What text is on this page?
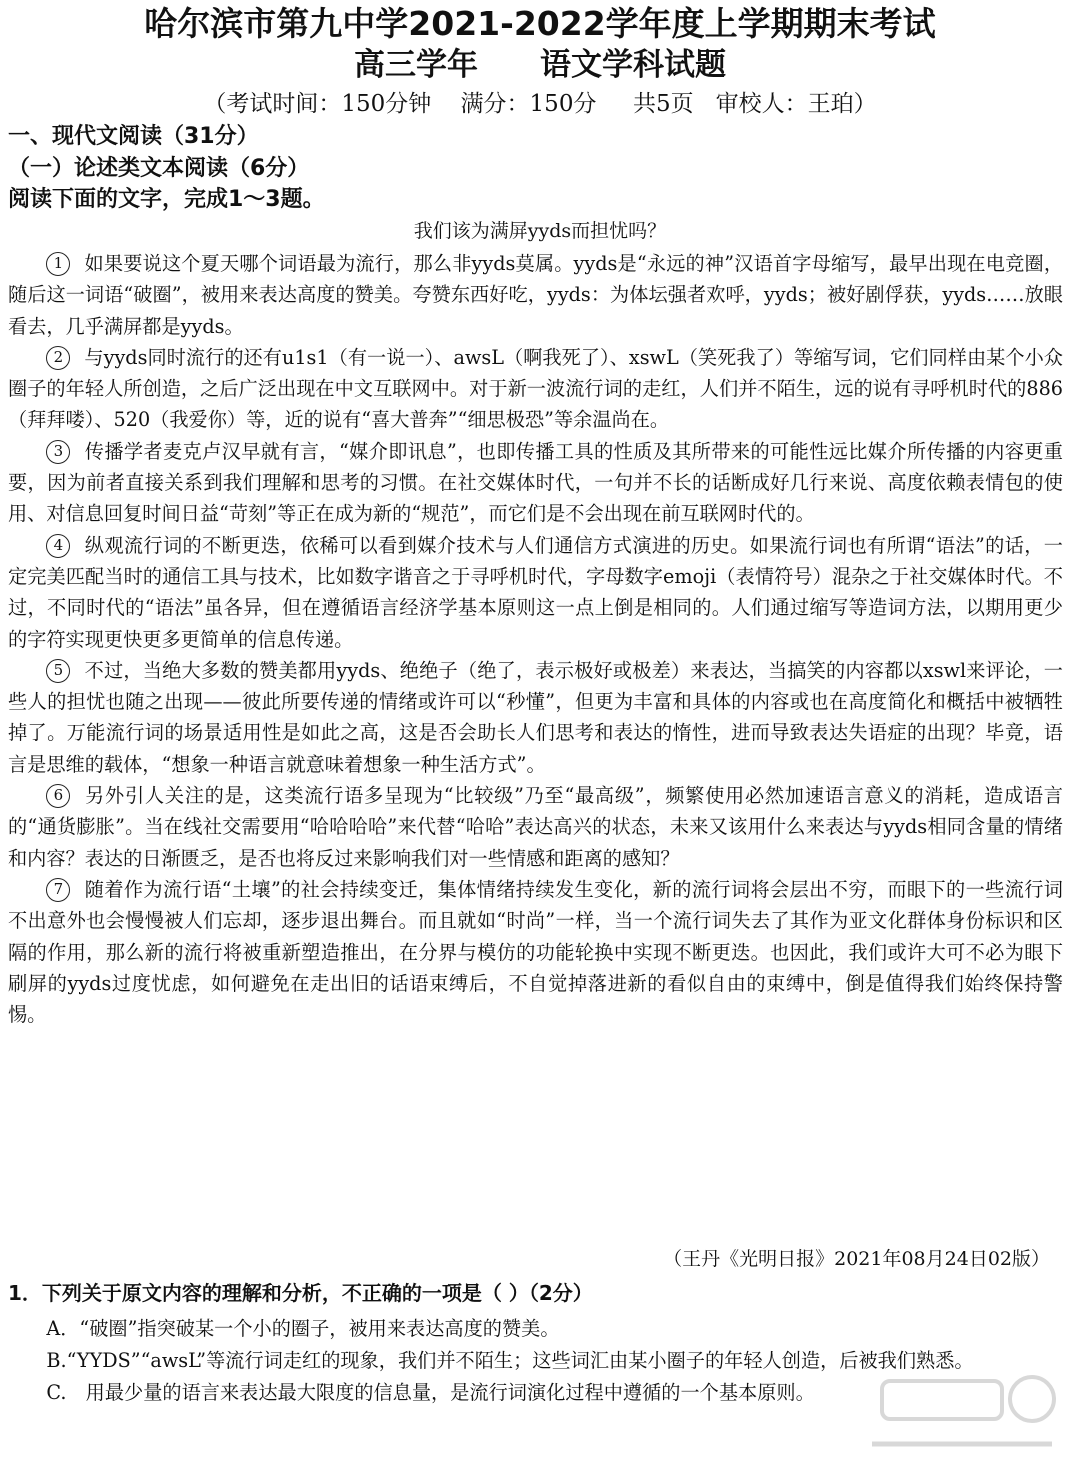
哈尔滨市第九中学2021-2022学年度上学期期末考试
高三学年 语文学科试题
（考试时间：150分钟    满分：150分     共5页   审校人：王珀）
一、现代文阅读（31分）
（一）论述类文本阅读（6分）
阅读下面的文字，完成1～3题。
我们该为满屏yyds而担忧吗？

1 如果要说这个夏天哪个词语最为流行，那么非yyds莫属。yyds是“永远的神”汉语首字母缩写，最早出现在电竞圈，随后这一词语“破圈”，被用来表达高度的赞美。夸赞东西好吃，yyds：为体坛强者欢呼，yyds；被好剧俘获，yyds……放眼看去，几乎满屏都是yyds。

2 与yyds同时流行的还有u1s1（有一说一）、awsL（啊我死了）、xswL（笑死我了）等缩写词，它们同样由某个小众圈子的年轻人所创造，之后广泛出现在中文互联网中。对于新一波流行词的走红，人们并不陌生，远的说有寻呼机时代的886（拜拜喽）、520（我爱你）等，近的说有“喜大普奔”“细思极恐”等余温尚在。

3 传播学者麦克卢汉早就有言，“媒介即讯息”，也即传播工具的性质及其所带来的可能性远比媒介所传播的内容更重要，因为前者直接关系到我们理解和思考的习惯。在社交媒体时代，一句并不长的话断成好几行来说、高度依赖表情包的使用、对信息回复时间日益“苛刻”等正在成为新的“规范”，而它们是不会出现在前互联网时代的。

4 纵观流行词的不断更迭，依稀可以看到媒介技术与人们通信方式演进的历史。如果流行词也有所谓“语法”的话，一定完美匹配当时的通信工具与技术，比如数字谐音之于寻呼机时代，字母数字emoji（表情符号）混杂之于社交媒体时代。不过，不同时代的“语法”虽各异，但在遵循语言经济学基本原则这一点上倒是相同的。人们通过缩写等造词方法，以期用更少的字符实现更快更多更简单的信息传递。

5 不过，当绝大多数的赞美都用yyds、绝绝子（绝了，表示极好或极差）来表达，当搞笑的内容都以xswl来评论，一些人的担忧也随之出现——彼此所要传递的情绪或许可以“秒懂”，但更为丰富和具体的内容或也在高度简化和概括中被牺牲掉了。万能流行词的场景适用性是如此之高，这是否会助长人们思考和表达的惰性，进而导致表达失语症的出现？毕竟，语言是思维的载体，“想象一种语言就意味着想象一种生活方式”。

6 另外引人关注的是，这类流行语多呈现为“比较级”乃至“最高级”，频繁使用必然加速语言意义的消耗，造成语言的“通货膨胀”。当在线社交需要用“哈哈哈哈”来代替“哈哈”表达高兴的状态，未来又该用什么来表达与yyds相同含量的情绪和内容？表达的日渐匮乏，是否也将反过来影响我们对一些情感和距离的感知？

7 随着作为流行语“土壤”的社会持续变迁，集体情绪持续发生变化，新的流行词将会层出不穷，而眼下的一些流行词不出意外也会慢慢被人们忘却，逐步退出舞台。而且就如“时尚”一样，当一个流行词失去了其作为亚文化群体身份标识和区隔的作用，那么新的流行将被重新塑造推出，在分界与模仿的功能轮换中实现不断更迭。也因此，我们或许大可不必为眼下刷屏的yyds过度忧虑，如何避免在走出旧的话语束缚后，不自觉掉落进新的看似自由的束缚中，倒是值得我们始终保持警惕。

（王丹《光明日报》2021年08月24日02版）
1．下列关于原文内容的理解和分析，不正确的一项是（ ）（2分）

A．“破圈”指突破某一个小的圈子，被用来表达高度的赞美。

B.“YYDS”“awsL”等流行词走红的现象，我们并不陌生；这些词汇由某小圈子的年轻人创造，后被我们熟悉。

C.　用最少量的语言来表达最大限度的信息量，是流行词演化过程中遵循的一个基本原则。
